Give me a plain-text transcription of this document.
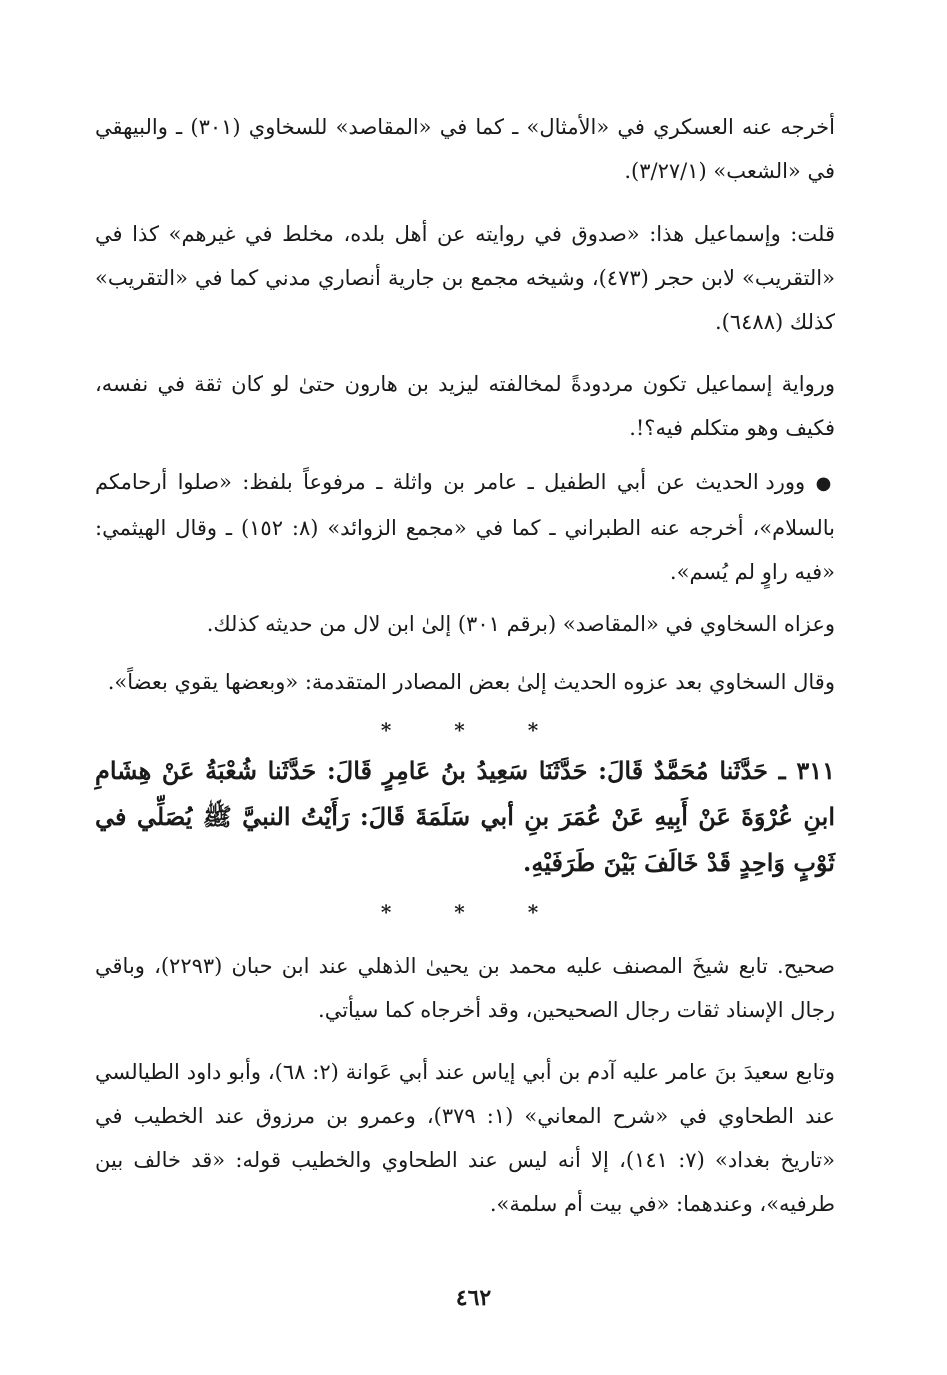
أخرجه عنه العسكري في «الأمثال» ـ كما في «المقاصد» للسخاوي (٣٠١) ـ والبيهقي في «الشعب» (٣/٢٧/١).
قلت: وإسماعيل هذا: «صدوق في روايته عن أهل بلده، مخلط في غيرهم» كذا في «التقريب» لابن حجر (٤٧٣)، وشيخه مجمع بن جارية أنصاري مدني كما في «التقريب» كذلك (٦٤٨٨).
ورواية إسماعيل تكون مردودةً لمخالفته ليزيد بن هارون حتىٰ لو كان ثقة في نفسه، فكيف وهو متكلم فيه؟!.
● وورد الحديث عن أبي الطفيل ـ عامر بن واثلة ـ مرفوعاً بلفظ: «صلوا أرحامكم بالسلام»، أخرجه عنه الطبراني ـ كما في «مجمع الزوائد» (٨: ١٥٢) ـ وقال الهيثمي: «فيه راوٍ لم يُسم».
وعزاه السخاوي في «المقاصد» (برقم ٣٠١) إلىٰ ابن لال من حديثه كذلك.
وقال السخاوي بعد عزوه الحديث إلىٰ بعض المصادر المتقدمة: «وبعضها يقوي بعضاً».
* * *
٣١١ ـ حَدَّثَنا مُحَمَّدٌ قَالَ: حَدَّثَنَا سَعِيدُ بنُ عَامِرٍ قَالَ: حَدَّثَنا شُعْبَةُ عَنْ هِشَامِ ابنِ عُرْوَةَ عَنْ أَبِيهِ عَنْ عُمَرَ بنِ أبي سَلَمَةَ قَالَ: رَأَيْتُ النبيَّ ﷺ يُصَلِّي في ثَوْبٍ وَاحِدٍ قَدْ خَالَفَ بَيْنَ طَرَفَيْهِ.
* * *
صحيح. تابع شيخَ المصنف عليه محمد بن يحيىٰ الذهلي عند ابن حبان (٢٢٩٣)، وباقي رجال الإسناد ثقات رجال الصحيحين، وقد أخرجاه كما سيأتي.
وتابع سعيدَ بنَ عامر عليه آدم بن أبي إياس عند أبي عَوانة (٢: ٦٨)، وأبو داود الطيالسي عند الطحاوي في «شرح المعاني» (١: ٣٧٩)، وعمرو بن مرزوق عند الخطيب في «تاريخ بغداد» (٧: ١٤١)، إلا أنه ليس عند الطحاوي والخطيب قوله: «قد خالف بين طرفيه»، وعندهما: «في بيت أم سلمة».
٤٦٢
